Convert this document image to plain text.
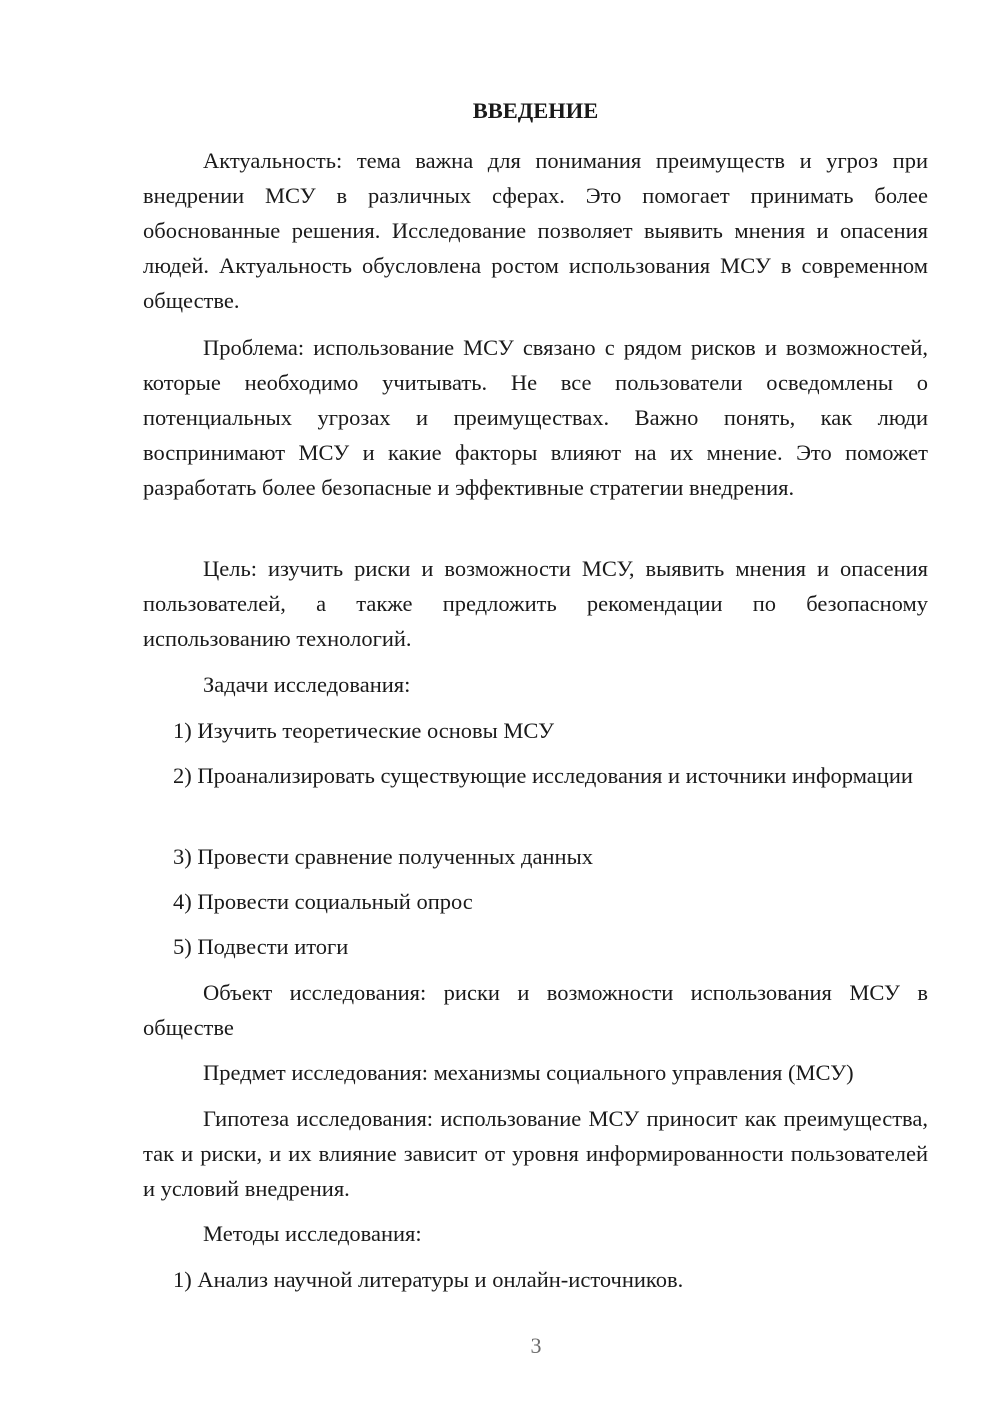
ВВЕДЕНИЕ

Актуальность: тема важна для понимания преимуществ и угроз при внедрении МСУ в различных сферах. Это помогает принимать более обоснованные решения. Исследование позволяет выявить мнения и опасения людей. Актуальность обусловлена ростом использования МСУ в современном обществе.

Проблема: использование МСУ связано с рядом рисков и возможностей, которые необходимо учитывать. Не все пользователи осведомлены о потенциальных угрозах и преимуществах. Важно понять, как люди воспринимают МСУ и какие факторы влияют на их мнение. Это поможет разработать более безопасные и эффективные стратегии внедрения.

Цель: изучить риски и возможности МСУ, выявить мнения и опасения пользователей, а также предложить рекомендации по безопасному использованию технологий.

Задачи исследования:

1) Изучить теоретические основы МСУ

2) Проанализировать существующие исследования и источники информации

3) Провести сравнение полученных данных

4) Провести социальный опрос

5) Подвести итоги

Объект исследования: риски и возможности использования МСУ в обществе

Предмет исследования: механизмы социального управления (МСУ)

Гипотеза исследования: использование МСУ приносит как преимущества, так и риски, и их влияние зависит от уровня информированности пользователей и условий внедрения.

Методы исследования:

1) Анализ научной литературы и онлайн-источников.

3
